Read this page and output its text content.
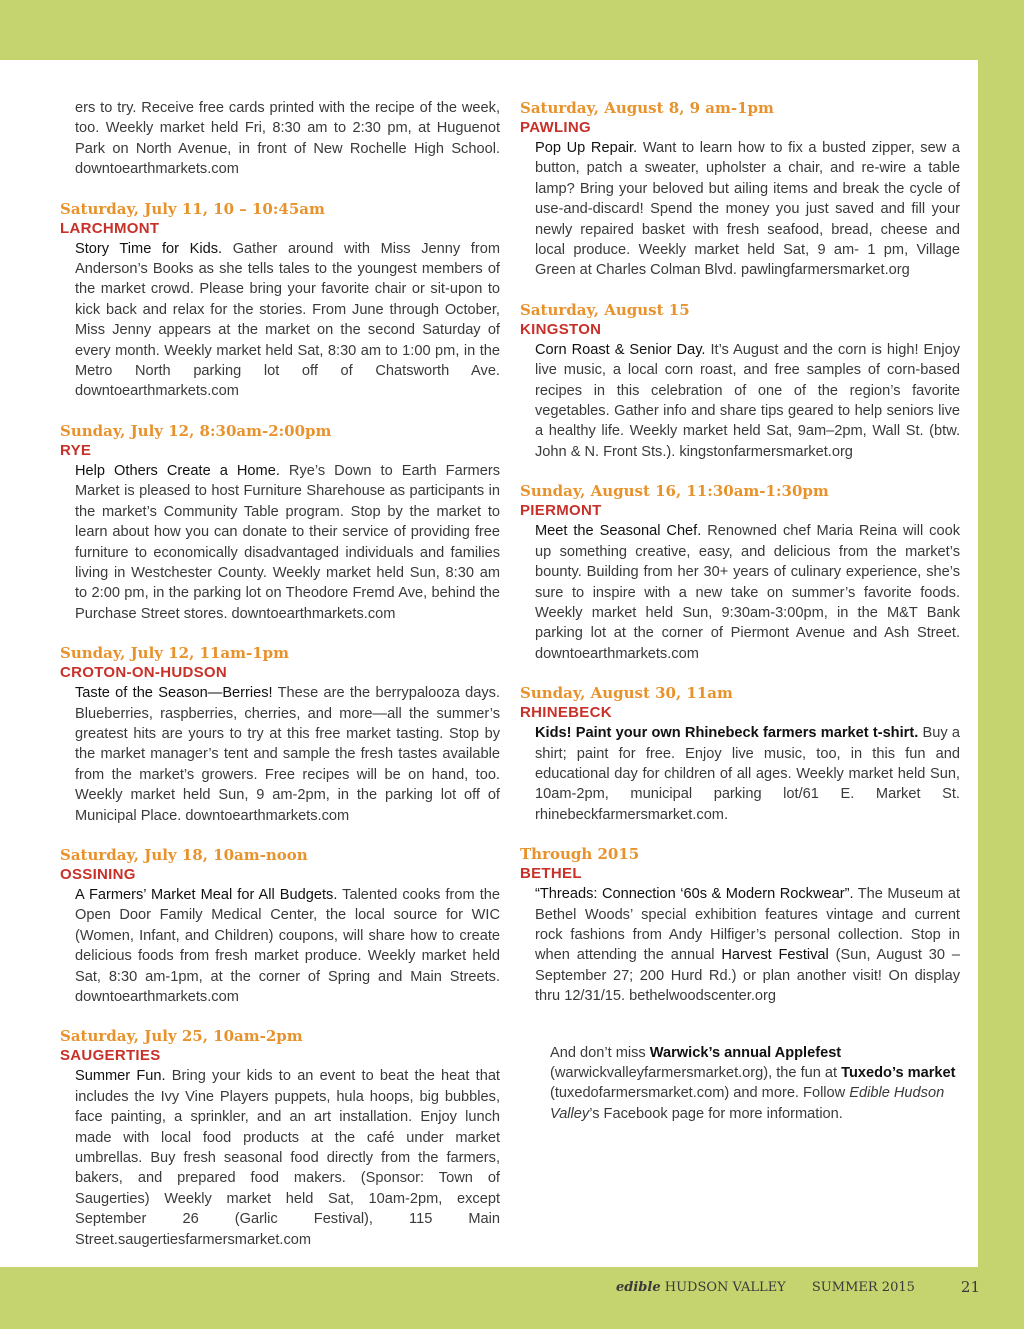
ers to try. Receive free cards printed with the recipe of the week, too. Weekly market held Fri, 8:30 am to 2:30 pm, at Huguenot Park on North Avenue, in front of New Rochelle High School. downtoearthmarkets.com
Saturday, July 11, 10 – 10:45am
LARCHMONT
Story Time for Kids. Gather around with Miss Jenny from Anderson’s Books as she tells tales to the youngest members of the market crowd. Please bring your favorite chair or sit-upon to kick back and relax for the stories. From June through October, Miss Jenny appears at the market on the second Saturday of every month. Weekly market held Sat, 8:30 am to 1:00 pm, in the Metro North parking lot off of Chatsworth Ave. downtoearthmarkets.com
Sunday, July 12, 8:30am-2:00pm
RYE
Help Others Create a Home. Rye’s Down to Earth Farmers Market is pleased to host Furniture Sharehouse as participants in the market’s Community Table program. Stop by the market to learn about how you can donate to their service of providing free furniture to economically disadvantaged individuals and families living in Westchester County. Weekly market held Sun, 8:30 am to 2:00 pm, in the parking lot on Theodore Fremd Ave, behind the Purchase Street stores. downtoearthmarkets.com
Sunday, July 12, 11am-1pm
CROTON-ON-HUDSON
Taste of the Season—Berries! These are the berrypalooza days. Blueberries, raspberries, cherries, and more—all the summer’s greatest hits are yours to try at this free market tasting. Stop by the market manager’s tent and sample the fresh tastes available from the market’s growers. Free recipes will be on hand, too. Weekly market held Sun, 9 am-2pm, in the parking lot off of Municipal Place. downtoearthmarkets.com
Saturday, July 18, 10am-noon
OSSINING
A Farmers’ Market Meal for All Budgets. Talented cooks from the Open Door Family Medical Center, the local source for WIC (Women, Infant, and Children) coupons, will share how to create delicious foods from fresh market produce. Weekly market held Sat, 8:30 am-1pm, at the corner of Spring and Main Streets. downtoearthmarkets.com
Saturday, July 25, 10am-2pm
SAUGERTIES
Summer Fun. Bring your kids to an event to beat the heat that includes the Ivy Vine Players puppets, hula hoops, big bubbles, face painting, a sprinkler, and an art installation. Enjoy lunch made with local food products at the café under market umbrellas. Buy fresh seasonal food directly from the farmers, bakers, and prepared food makers. (Sponsor: Town of Saugerties) Weekly market held Sat, 10am-2pm, except September 26 (Garlic Festival), 115 Main Street.saugertiesfarmersmarket.com
Saturday, August 8, 9 am-1pm
PAWLING
Pop Up Repair. Want to learn how to fix a busted zipper, sew a button, patch a sweater, upholster a chair, and re-wire a table lamp? Bring your beloved but ailing items and break the cycle of use-and-discard! Spend the money you just saved and fill your newly repaired basket with fresh seafood, bread, cheese and local produce. Weekly market held Sat, 9 am- 1 pm, Village Green at Charles Colman Blvd. pawlingfarmersmarket.org
Saturday, August 15
KINGSTON
Corn Roast & Senior Day. It’s August and the corn is high! Enjoy live music, a local corn roast, and free samples of corn-based recipes in this celebration of one of the region’s favorite vegetables. Gather info and share tips geared to help seniors live a healthy life. Weekly market held Sat, 9am–2pm, Wall St. (btw. John & N. Front Sts.). kingstonfarmersmarket.org
Sunday, August 16, 11:30am-1:30pm
PIERMONT
Meet the Seasonal Chef. Renowned chef Maria Reina will cook up something creative, easy, and delicious from the market’s bounty. Building from her 30+ years of culinary experience, she’s sure to inspire with a new take on summer’s favorite foods. Weekly market held Sun, 9:30am-3:00pm, in the M&T Bank parking lot at the corner of Piermont Avenue and Ash Street. downtoearthmarkets.com
Sunday, August 30, 11am
RHINEBECK
Kids! Paint your own Rhinebeck farmers market t-shirt. Buy a shirt; paint for free. Enjoy live music, too, in this fun and educational day for children of all ages. Weekly market held Sun, 10am-2pm, municipal parking lot/61 E. Market St. rhinebeckfarmersmarket.com.
Through 2015
BETHEL
“Threads: Connection ‘60s & Modern Rockwear”. The Museum at Bethel Woods’ special exhibition features vintage and current rock fashions from Andy Hilfiger’s personal collection. Stop in when attending the annual Harvest Festival (Sun, August 30 –September 27; 200 Hurd Rd.) or plan another visit! On display thru 12/31/15. bethelwoodscenter.org
And don’t miss Warwick’s annual Applefest (warwickvalleyfarmersmarket.org), the fun at Tuxedo’s market (tuxedofarmersmarket.com) and more. Follow Edible Hudson Valley’s Facebook page for more information.
edible HUDSON VALLEY SUMMER 2015	21
